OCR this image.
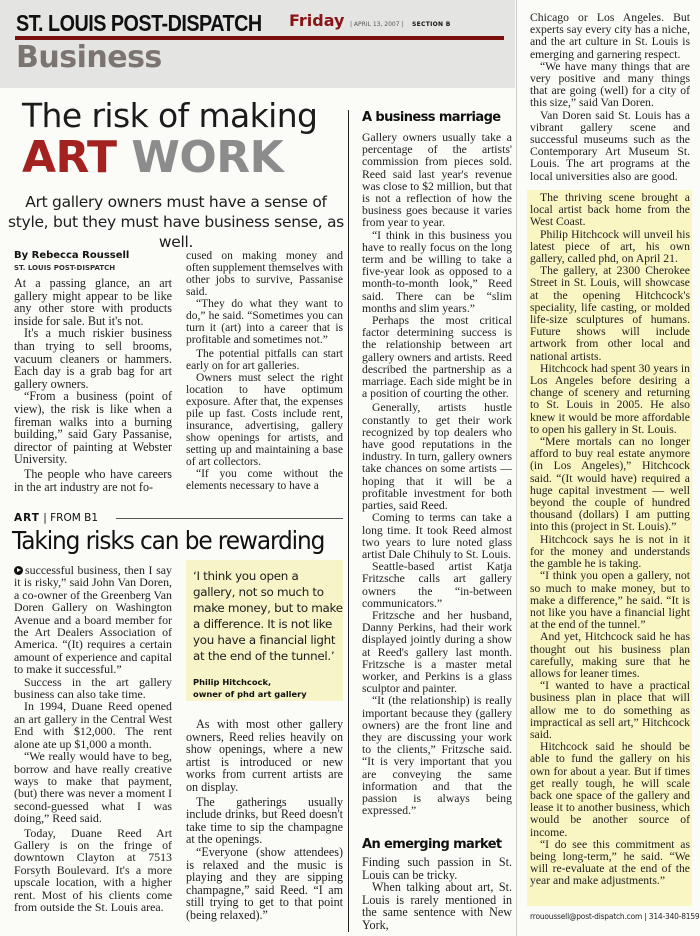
ST. LOUIS POST-DISPATCH Friday | APRIL 13, 2007 | SECTION B
Business
The risk of making
ART WORK
Art gallery owners must have a sense of style, but they must have business sense, as well.
By Rebecca Roussell
ST. LOUIS POST-DISPATCH

At a passing glance, an art gallery might appear to be like any other store with products inside for sale. But it's not.

It's a much riskier business than trying to sell brooms, vacuum cleaners or hammers. Each day is a grab bag for art gallery owners.

“From a business (point of view), the risk is like when a fireman walks into a burning building,” said Gary Passanise, director of painting at Webster University.

The people who have careers in the art industry are not fo-

cused on making money and often supplement themselves with other jobs to survive, Passanise said.

“They do what they want to do,” he said. “Sometimes you can turn it (art) into a career that is profitable and sometimes not.”

The potential pitfalls can start early on for art galleries.

Owners must select the right location to have optimum exposure. After that, the expenses pile up fast. Costs include rent, insurance, advertising, gallery show openings for artists, and setting up and maintaining a base of art collectors.

“If you come without the elements necessary to have a

ART | FROM B1
Taking risks can be rewarding

successful business, then I say it is risky,” said John Van Doren, a co-owner of the Greenberg Van Doren Gallery on Washington Avenue and a board member for the Art Dealers Association of America. “(It) requires a certain amount of experience and capital to make it successful.”

Success in the art gallery business can also take time.

In 1994, Duane Reed opened an art gallery in the Central West End with $12,000. The rent alone ate up $1,000 a month.

“We really would have to beg, borrow and have really creative ways to make that payment, (but) there was never a moment I second-guessed what I was doing,” Reed said.

Today, Duane Reed Art Gallery is on the fringe of downtown Clayton at 7513 Forsyth Boulevard. It's a more upscale location, with a higher rent. Most of his clients come from outside the St. Louis area.

‘I think you open a gallery, not so much to make money, but to make a difference. It is not like you have a financial light at the end of the tunnel.’
Philip Hitchcock,
owner of phd art gallery

As with most other gallery owners, Reed relies heavily on show openings, where a new artist is introduced or new works from current artists are on display.

The gatherings usually include drinks, but Reed doesn't take time to sip the champagne at the openings.

“Everyone (show attendees) is relaxed and the music is playing and they are sipping champagne,” said Reed. “I am still trying to get to that point (being relaxed).”

A business marriage

Gallery owners usually take a percentage of the artists' commission from pieces sold. Reed said last year's revenue was close to $2 million, but that is not a reflection of how the business goes because it varies from year to year.

“I think in this business you have to really focus on the long term and be willing to take a five-year look as opposed to a month-to-month look,” Reed said. There can be “slim months and slim years.”

Perhaps the most critical factor determining success is the relationship between art gallery owners and artists. Reed described the partnership as a marriage. Each side might be in a position of courting the other.

Generally, artists hustle constantly to get their work recognized by top dealers who have good reputations in the industry. In turn, gallery owners take chances on some artists — hoping that it will be a profitable investment for both parties, said Reed.

Coming to terms can take a long time. It took Reed almost two years to lure noted glass artist Dale Chihuly to St. Louis.

Seattle-based artist Katja Fritzsche calls art gallery owners the “in-between communicators.”

Fritzsche and her husband, Danny Perkins, had their work displayed jointly during a show at Reed's gallery last month. Fritzsche is a master metal worker, and Perkins is a glass sculptor and painter.

“It (the relationship) is really important because they (gallery owners) are the front line and they are discussing your work to the clients,” Fritzsche said. “It is very important that you are conveying the same information and that the passion is always being expressed.”

An emerging market

Finding such passion in St. Louis can be tricky.

When talking about art, St. Louis is rarely mentioned in the same sentence with New York,

Chicago or Los Angeles. But experts say every city has a niche, and the art culture in St. Louis is emerging and garnering respect.

“We have many things that are very positive and many things that are going (well) for a city of this size,” said Van Doren.

Van Doren said St. Louis has a vibrant gallery scene and successful museums such as the Contemporary Art Museum St. Louis. The art programs at the local universities also are good.

The thriving scene brought a local artist back home from the West Coast.

Philip Hitchcock will unveil his latest piece of art, his own gallery, called phd, on April 21.

The gallery, at 2300 Cherokee Street in St. Louis, will showcase at the opening Hitchcock's speciality, life casting, or molded life-size sculptures of humans. Future shows will include artwork from other local and national artists.

Hitchcock had spent 30 years in Los Angeles before desiring a change of scenery and returning to St. Louis in 2005. He also knew it would be more affordable to open his gallery in St. Louis.

“Mere mortals can no longer afford to buy real estate anymore (in Los Angeles),” Hitchcock said. “(It would have) required a huge capital investment — well beyond the couple of hundred thousand (dollars) I am putting into this (project in St. Louis).”

Hitchcock says he is not in it for the money and understands the gamble he is taking.

“I think you open a gallery, not so much to make money, but to make a difference,” he said. “It is not like you have a financial light at the end of the tunnel.”

And yet, Hitchcock said he has thought out his business plan carefully, making sure that he allows for leaner times.

“I wanted to have a practical business plan in place that will allow me to do something as impractical as sell art,” Hitchcock said.

Hitchcock said he should be able to fund the gallery on his own for about a year. But if times get really tough, he will scale back one space of the gallery and lease it to another business, which would be another source of income.

“I do see this commitment as being long-term,” he said. “We will re-evaluate at the end of the year and make adjustments.”

rrououssell@post-dispatch.com | 314-340-8159
